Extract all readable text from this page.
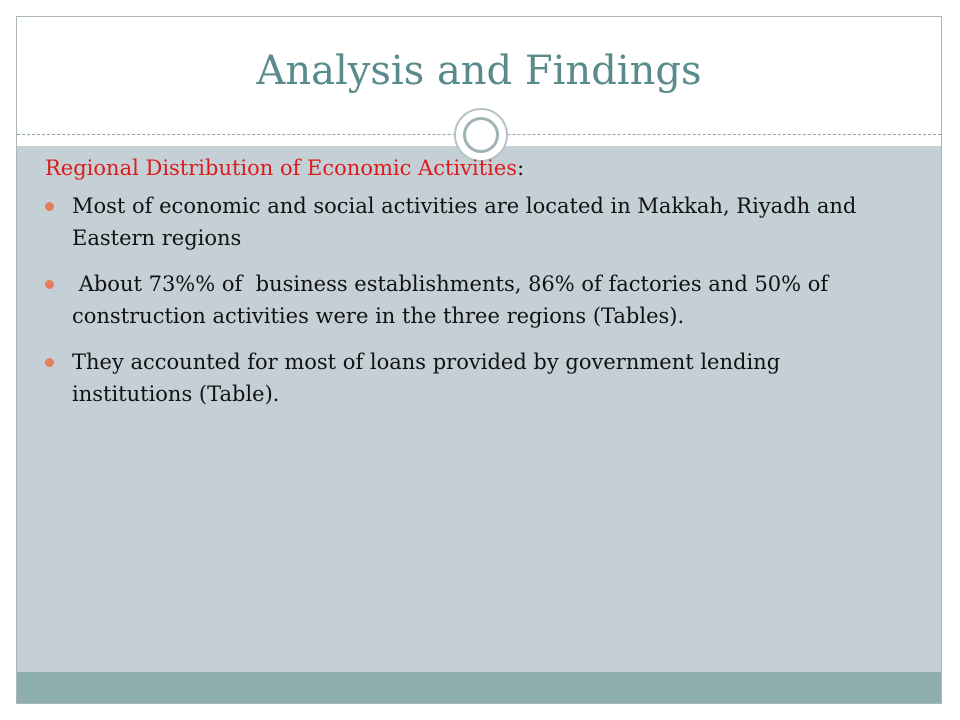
Analysis and Findings

Regional Distribution of Economic Activities:

Most of economic and social activities are located in Makkah, Riyadh and Eastern regions
About 73%% of  business establishments, 86% of factories and 50% of construction activities were in the three regions (Tables).
They accounted for most of loans provided by government lending institutions (Table).
